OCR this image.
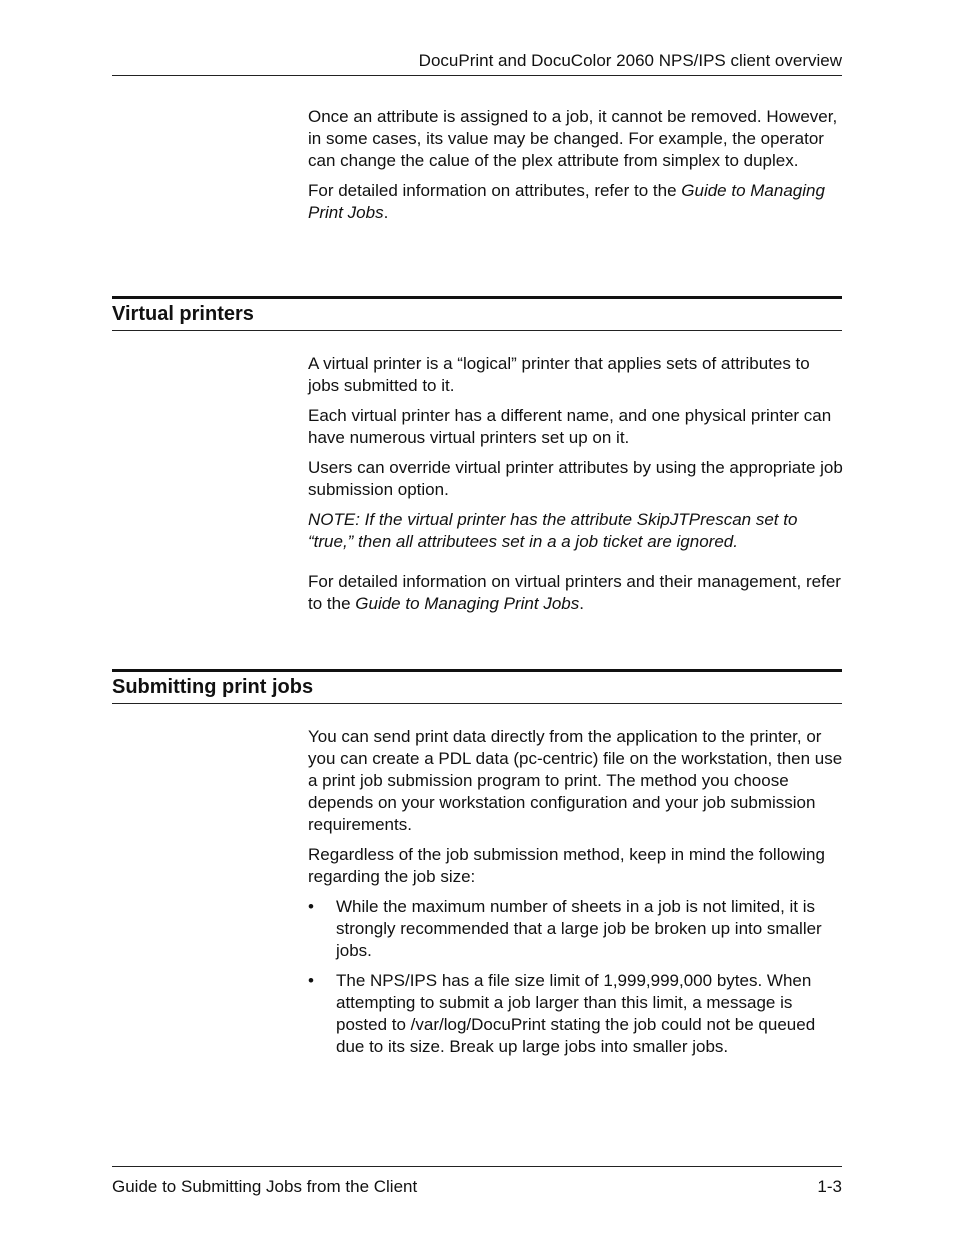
DocuPrint and DocuColor 2060 NPS/IPS client overview

Once an attribute is assigned to a job, it cannot be removed. However, in some cases, its value may be changed. For example, the operator can change the calue of the plex attribute from simplex to duplex.

For detailed information on attributes, refer to the Guide to Managing Print Jobs.

Virtual printers

A virtual printer is a “logical” printer that applies sets of attributes to jobs submitted to it.

Each virtual printer has a different name, and one physical printer can have numerous virtual printers set up on it.

Users can override virtual printer attributes by using the appropriate job submission option.

NOTE: If the virtual printer has the attribute SkipJTPrescan set to “true,” then all attributees set in a a job ticket are ignored.

For detailed information on virtual printers and their management, refer to the Guide to Managing Print Jobs.

Submitting print jobs

You can send print data directly from the application to the printer, or you can create a PDL data (pc-centric) file on the workstation, then use a print job submission program to print. The method you choose depends on your workstation configuration and your job submission requirements.

Regardless of the job submission method, keep in mind the following regarding the job size:

• While the maximum number of sheets in a job is not limited, it is strongly recommended that a large job be broken up into smaller jobs.
• The NPS/IPS has a file size limit of 1,999,999,000 bytes. When attempting to submit a job larger than this limit, a message is posted to /var/log/DocuPrint stating the job could not be queued due to its size. Break up large jobs into smaller jobs.
Guide to Submitting Jobs from the Client	1-3
